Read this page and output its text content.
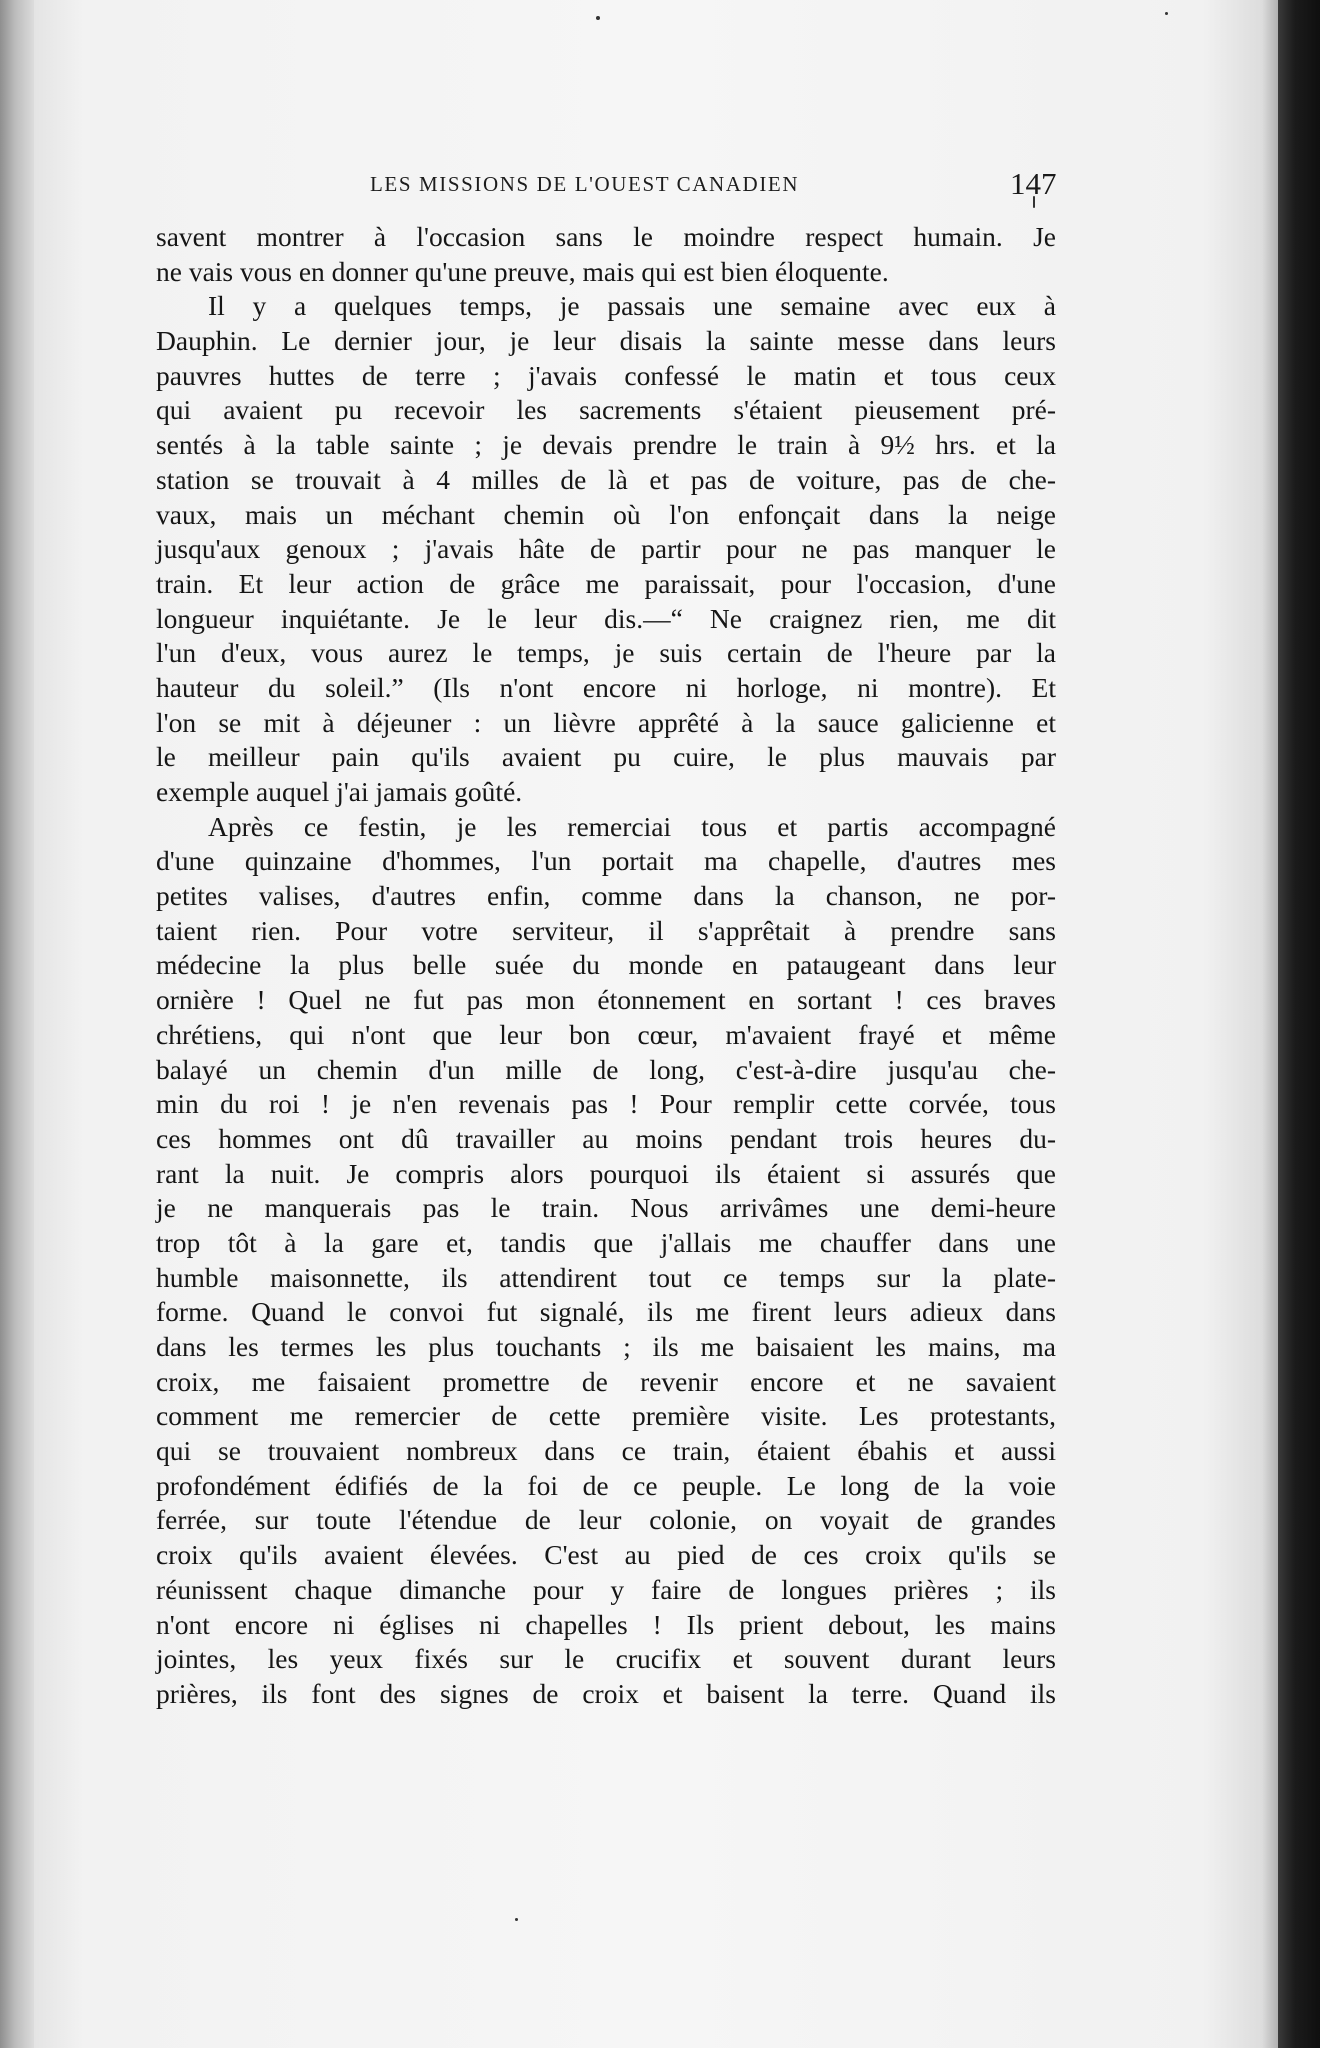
LES MISSIONS DE L'OUEST CANADIEN	147
savent montrer à l'occasion sans le moindre respect humain. Je
ne vais vous en donner qu'une preuve, mais qui est bien éloquente.
Il y a quelques temps, je passais une semaine avec eux à
Dauphin. Le dernier jour, je leur disais la sainte messe dans leurs
pauvres huttes de terre ; j'avais confessé le matin et tous ceux
qui avaient pu recevoir les sacrements s'étaient pieusement pré-
sentés à la table sainte ; je devais prendre le train à 9½ hrs. et la
station se trouvait à 4 milles de là et pas de voiture, pas de che-
vaux, mais un méchant chemin où l'on enfonçait dans la neige
jusqu'aux genoux ; j'avais hâte de partir pour ne pas manquer le
train. Et leur action de grâce me paraissait, pour l'occasion, d'une
longueur inquiétante. Je le leur dis.—“ Ne craignez rien, me dit
l'un d'eux, vous aurez le temps, je suis certain de l'heure par la
hauteur du soleil.” (Ils n'ont encore ni horloge, ni montre). Et
l'on se mit à déjeuner : un lièvre apprêté à la sauce galicienne et
le meilleur pain qu'ils avaient pu cuire, le plus mauvais par
exemple auquel j'ai jamais goûté.
Après ce festin, je les remerciai tous et partis accompagné
d'une quinzaine d'hommes, l'un portait ma chapelle, d'autres mes
petites valises, d'autres enfin, comme dans la chanson, ne por-
taient rien. Pour votre serviteur, il s'apprêtait à prendre sans
médecine la plus belle suée du monde en pataugeant dans leur
ornière ! Quel ne fut pas mon étonnement en sortant ! ces braves
chrétiens, qui n'ont que leur bon cœur, m'avaient frayé et même
balayé un chemin d'un mille de long, c'est-à-dire jusqu'au che-
min du roi ! je n'en revenais pas ! Pour remplir cette corvée, tous
ces hommes ont dû travailler au moins pendant trois heures du-
rant la nuit. Je compris alors pourquoi ils étaient si assurés que
je ne manquerais pas le train. Nous arrivâmes une demi-heure
trop tôt à la gare et, tandis que j'allais me chauffer dans une
humble maisonnette, ils attendirent tout ce temps sur la plate-
forme. Quand le convoi fut signalé, ils me firent leurs adieux dans
dans les termes les plus touchants ; ils me baisaient les mains, ma
croix, me faisaient promettre de revenir encore et ne savaient
comment me remercier de cette première visite. Les protestants,
qui se trouvaient nombreux dans ce train, étaient ébahis et aussi
profondément édifiés de la foi de ce peuple. Le long de la voie
ferrée, sur toute l'étendue de leur colonie, on voyait de grandes
croix qu'ils avaient élevées. C'est au pied de ces croix qu'ils se
réunissent chaque dimanche pour y faire de longues prières ; ils
n'ont encore ni églises ni chapelles ! Ils prient debout, les mains
jointes, les yeux fixés sur le crucifix et souvent durant leurs
prières, ils font des signes de croix et baisent la terre. Quand ils
